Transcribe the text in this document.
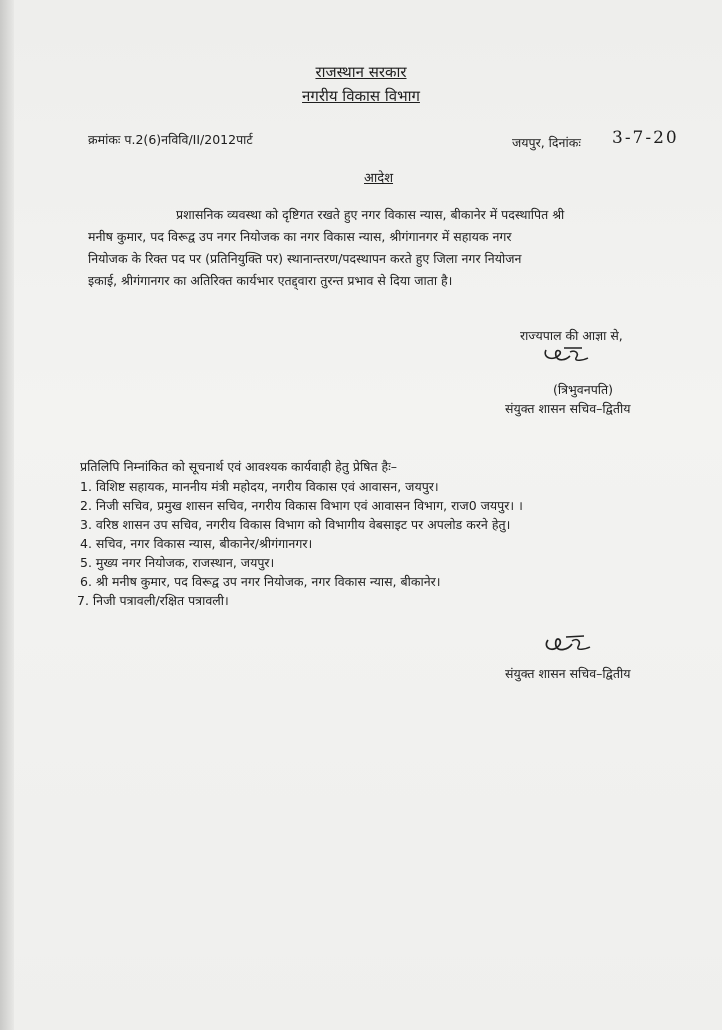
राजस्थान सरकार
नगरीय विकास विभाग
क्रमांकः प.2(6)नविवि/II/2012पार्ट	जयपुर, दिनांकः 3-7-20
आदेश
प्रशासनिक व्यवस्था को दृष्टिगत रखते हुए नगर विकास न्यास, बीकानेर में पदस्थापित श्री
मनीष कुमार, पद विरूद्व उप नगर नियोजक का नगर विकास न्यास, श्रीगंगानगर में सहायक नगर
नियोजक के रिक्त पद पर (प्रतिनियुक्ति पर) स्थानान्तरण/पदस्थापन करते हुए जिला नगर नियोजन
इकाई, श्रीगंगानगर का अतिरिक्त कार्यभार एतद्द्वारा तुरन्त प्रभाव से दिया जाता है।
राज्यपाल की आज्ञा से,
(त्रिभुवनपति)
संयुक्त शासन सचिव–द्वितीय
प्रतिलिपि निम्नांकित को सूचनार्थ एवं आवश्यक कार्यवाही हेतु प्रेषित हैः–
1. विशिष्ट सहायक, माननीय मंत्री महोदय, नगरीय विकास एवं आवासन, जयपुर।
2. निजी सचिव, प्रमुख शासन सचिव, नगरीय विकास विभाग एवं आवासन विभाग, राज0 जयपुर। ।
3. वरिष्ठ शासन उप सचिव, नगरीय विकास विभाग को विभागीय वेबसाइट पर अपलोड करने हेतु।
4. सचिव, नगर विकास न्यास, बीकानेर/श्रीगंगानगर।
5. मुख्य नगर नियोजक, राजस्थान, जयपुर।
6. श्री मनीष कुमार, पद विरूद्व उप नगर नियोजक, नगर विकास न्यास, बीकानेर।
7. निजी पत्रावली/रक्षित पत्रावली।
संयुक्त शासन सचिव–द्वितीय
